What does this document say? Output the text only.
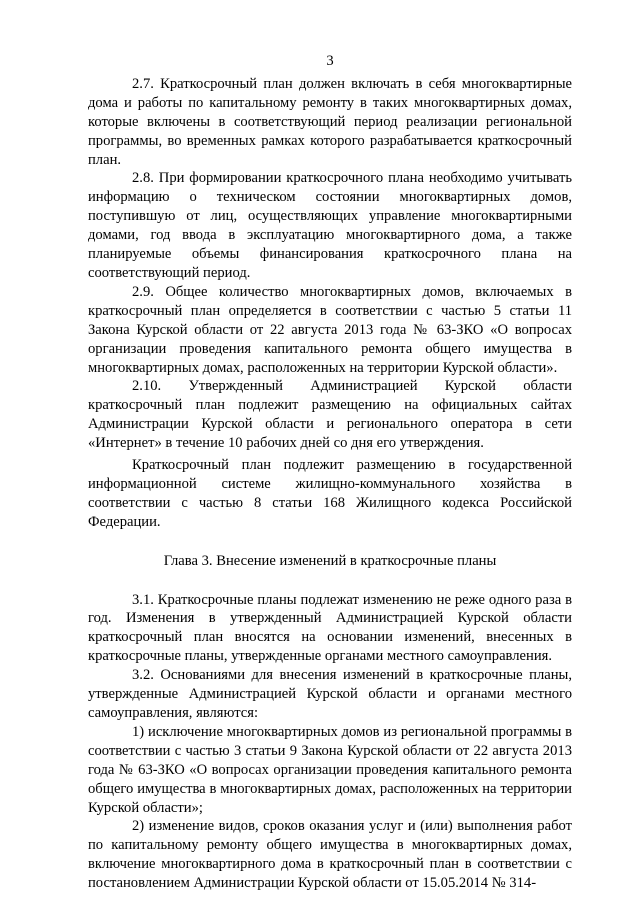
3

2.7. Краткосрочный план должен включать в себя многоквартирные дома и работы по капитальному ремонту в таких многоквартирных домах, которые включены в соответствующий период реализации региональной программы, во временных рамках которого разрабатывается краткосрочный план.

2.8. При формировании краткосрочного плана необходимо учитывать информацию о техническом состоянии многоквартирных домов, поступившую от лиц, осуществляющих управление многоквартирными домами, год ввода в эксплуатацию многоквартирного дома, а также планируемые объемы финансирования краткосрочного плана на соответствующий период.

2.9. Общее количество многоквартирных домов, включаемых в краткосрочный план определяется в соответствии с частью 5 статьи 11 Закона Курской области от 22 августа 2013 года № 63-ЗКО «О вопросах организации проведения капитального ремонта общего имущества в многоквартирных домах, расположенных на территории Курской области».

2.10. Утвержденный Администрацией Курской области краткосрочный план подлежит размещению на официальных сайтах Администрации Курской области и регионального оператора в сети «Интернет» в течение 10 рабочих дней со дня его утверждения.

Краткосрочный план подлежит размещению в государственной информационной системе жилищно-коммунального хозяйства в соответствии с частью 8 статьи 168 Жилищного кодекса Российской Федерации.

Глава 3. Внесение изменений в краткосрочные планы

3.1. Краткосрочные планы подлежат изменению не реже одного раза в год. Изменения в утвержденный Администрацией Курской области краткосрочный план вносятся на основании изменений, внесенных в краткосрочные планы, утвержденные органами местного самоуправления.

3.2. Основаниями для внесения изменений в краткосрочные планы, утвержденные Администрацией Курской области и органами местного самоуправления, являются:

1) исключение многоквартирных домов из региональной программы в соответствии с частью 3 статьи 9 Закона Курской области от 22 августа 2013 года № 63-ЗКО «О вопросах организации проведения капитального ремонта общего имущества в многоквартирных домах, расположенных на территории Курской области»;

2) изменение видов, сроков оказания услуг и (или) выполнения работ по капитальному ремонту общего имущества в многоквартирных домах, включение многоквартирного дома в краткосрочный план в соответствии с постановлением Администрации Курской области от 15.05.2014 № 314-
